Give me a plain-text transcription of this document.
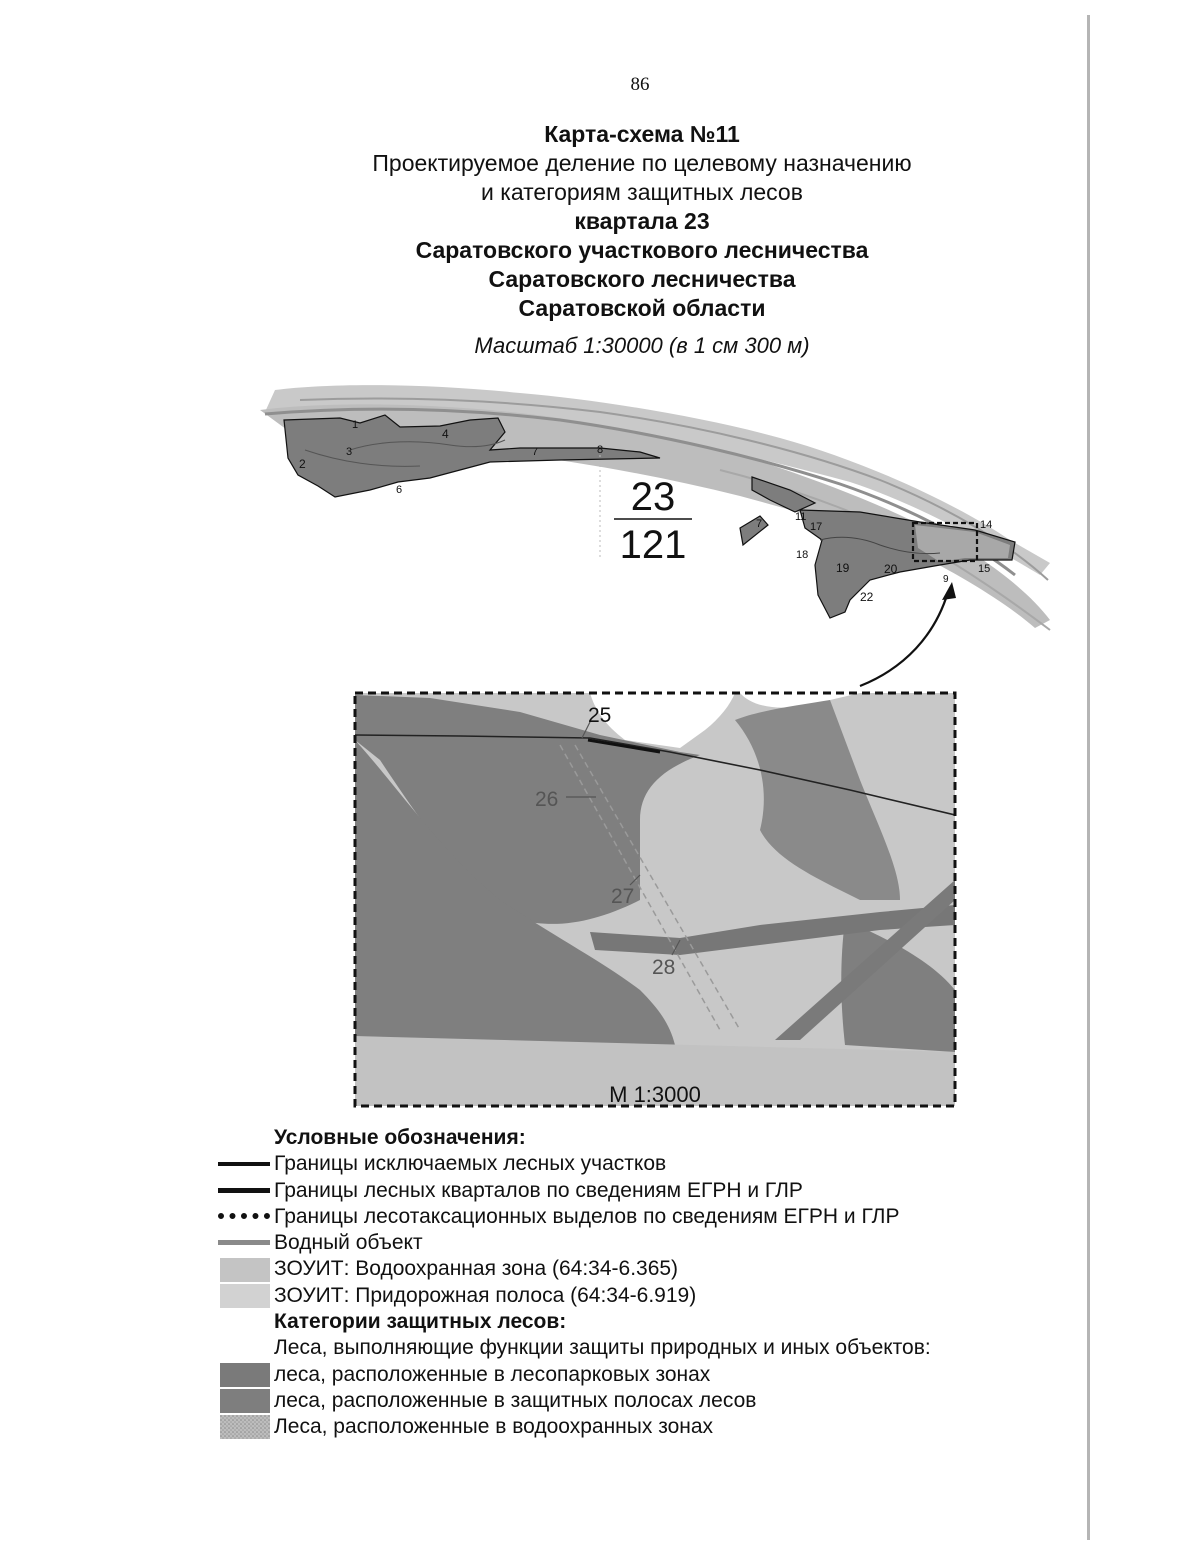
86
Карта-схема №11
Проектируемое деление по целевому назначению
и категориям защитных лесов
квартала 23
Саратовского участкового лесничества
Саратовского лесничества
Саратовской области
Масштаб 1:30000 (в 1 см 300 м)
1
2
3
4
6
7	8
7
11
17	14
15
18
19	20
22
9
23
121
25
26
27
28
М 1:3000
Условные обозначения:
Границы исключаемых лесных участков
Границы лесных кварталов по сведениям ЕГРН и ГЛР
Границы лесотаксационных выделов по сведениям ЕГРН и ГЛР
Водный объект
ЗОУИТ: Водоохранная зона (64:34-6.365)
ЗОУИТ: Придорожная полоса (64:34-6.919)
Категории защитных лесов:
Леса, выполняющие функции защиты природных и иных объектов:
леса, расположенные в лесопарковых зонах
леса, расположенные в защитных полосах лесов
Леса, расположенные в водоохранных зонах
